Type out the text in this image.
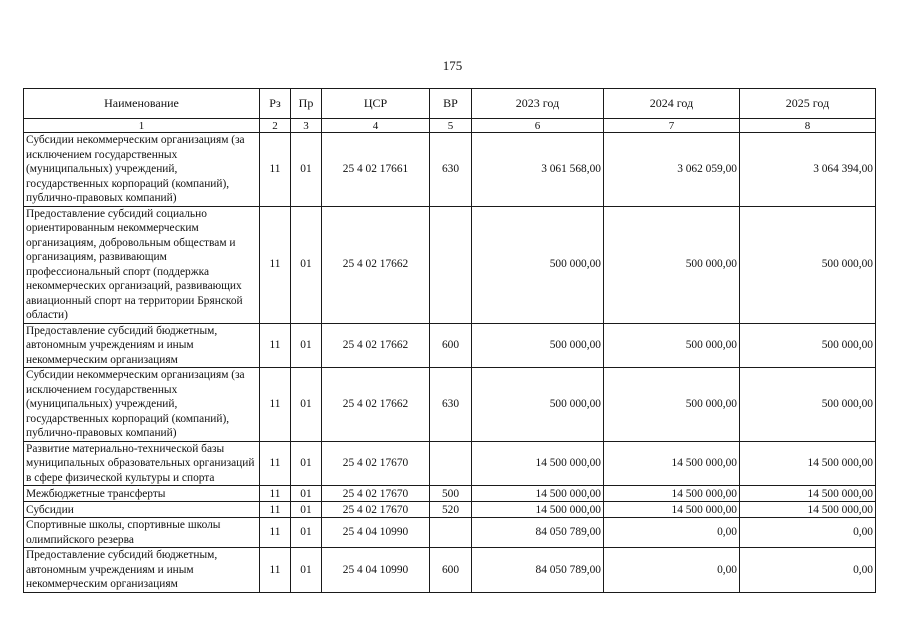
175
Наименование	Рз	Пр	ЦСР	ВР	2023 год	2024 год	2025 год
1	2	3	4	5	6	7	8
Субсидии некоммерческим организациям (за исключением государственных (муниципальных) учреждений, государственных корпораций (компаний), публично-правовых компаний)	11	01	25 4 02 17661	630	3 061 568,00	3 062 059,00	3 064 394,00
Предоставление субсидий социально ориентированным некоммерческим организациям, добровольным обществам и организациям, развивающим профессиональный спорт (поддержка некоммерческих организаций, развивающих авиационный спорт на территории Брянской области)	11	01	25 4 02 17662		500 000,00	500 000,00	500 000,00
Предоставление субсидий бюджетным, автономным учреждениям и иным некоммерческим организациям	11	01	25 4 02 17662	600	500 000,00	500 000,00	500 000,00
Субсидии некоммерческим организациям (за исключением государственных (муниципальных) учреждений, государственных корпораций (компаний), публично-правовых компаний)	11	01	25 4 02 17662	630	500 000,00	500 000,00	500 000,00
Развитие материально-технической базы муниципальных образовательных организаций в сфере физической культуры и спорта	11	01	25 4 02 17670		14 500 000,00	14 500 000,00	14 500 000,00
Межбюджетные трансферты	11	01	25 4 02 17670	500	14 500 000,00	14 500 000,00	14 500 000,00
Субсидии	11	01	25 4 02 17670	520	14 500 000,00	14 500 000,00	14 500 000,00
Спортивные школы, спортивные школы олимпийского резерва	11	01	25 4 04 10990		84 050 789,00	0,00	0,00
Предоставление субсидий бюджетным, автономным учреждениям и иным некоммерческим организациям	11	01	25 4 04 10990	600	84 050 789,00	0,00	0,00
